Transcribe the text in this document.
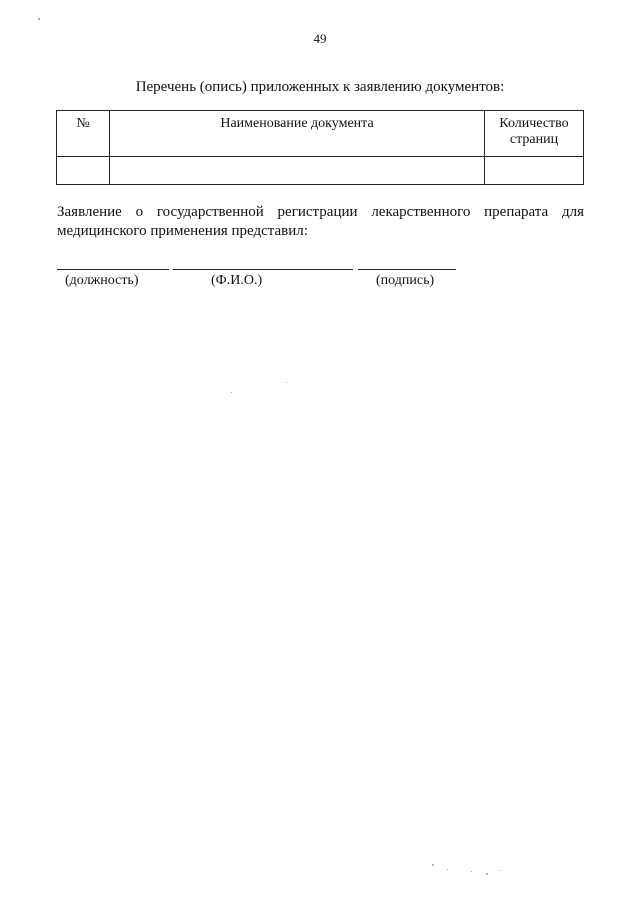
49
Перечень (опись) приложенных к заявлению документов:
№	Наименование документа	Количество страниц

Заявление о государственной регистрации лекарственного препарата для медицинского применения представил:
(должность)	(Ф.И.О.)	(подпись)
